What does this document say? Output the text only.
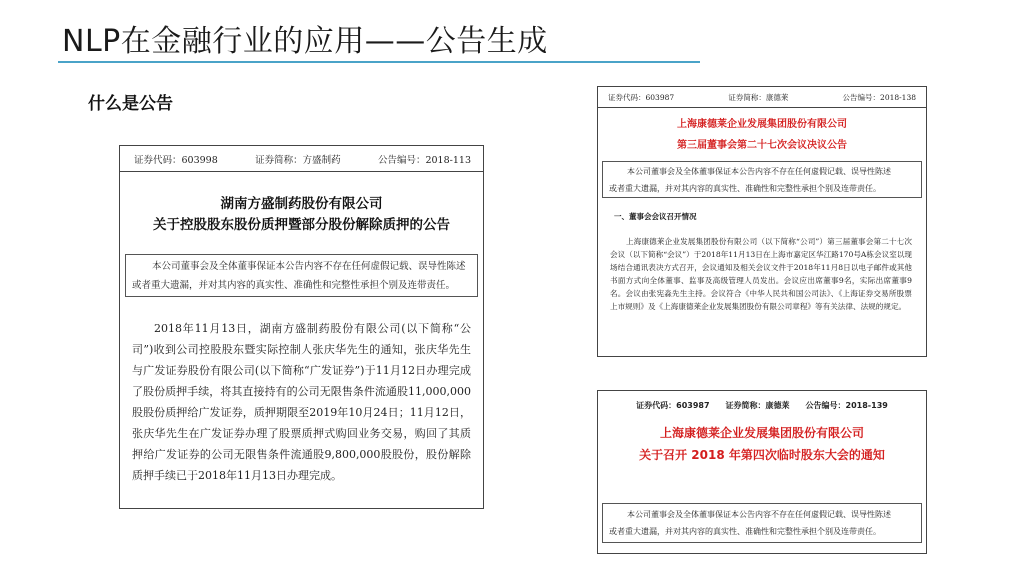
NLP在金融行业的应用——公告生成
什么是公告
证券代码：603998	证券简称：方盛制药	公告编号：2018-113
湖南方盛制药股份有限公司
关于控股股东股份质押暨部分股份解除质押的公告
本公司董事会及全体董事保证本公告内容不存在任何虚假记载、误导性陈述
或者重大遗漏，并对其内容的真实性、准确性和完整性承担个别及连带责任。
2018年11月13日，湖南方盛制药股份有限公司(以下简称“公司”)收到公司控股股东暨实际控制人张庆华先生的通知，张庆华先生与广发证券股份有限公司(以下简称“广发证券”)于11月12日办理完成了股份质押手续，将其直接持有的公司无限售条件流通股11,000,000股股份质押给广发证券，质押期限至2019年10月24日；11月12日，张庆华先生在广发证券办理了股票质押式购回业务交易，购回了其质押给广发证券的公司无限售条件流通股9,800,000股股份，股份解除质押手续已于2018年11月13日办理完成。
证券代码：603987	证券简称：康德莱	公告编号：2018-138
上海康德莱企业发展集团股份有限公司
第三届董事会第二十七次会议决议公告
本公司董事会及全体董事保证本公告内容不存在任何虚假记载、误导性陈述
或者重大遗漏，并对其内容的真实性、准确性和完整性承担个别及连带责任。
一、董事会会议召开情况
上海康德莱企业发展集团股份有限公司（以下简称“公司”）第三届董事会第二十七次会议（以下简称“会议”）于2018年11月13日在上海市嘉定区华江路170号A栋会议室以现场结合通讯表决方式召开，会议通知及相关会议文件于2018年11月8日以电子邮件或其他书面方式向全体董事、监事及高级管理人员发出。会议应出席董事9名，实际出席董事9名。会议由张宪淼先生主持。会议符合《中华人民共和国公司法》、《上海证券交易所股票上市规则》及《上海康德莱企业发展集团股份有限公司章程》等有关法律、法规的规定。
证券代码：603987 证券简称：康德莱 公告编号：2018-139
上海康德莱企业发展集团股份有限公司
关于召开 2018 年第四次临时股东大会的通知
本公司董事会及全体董事保证本公告内容不存在任何虚假记载、误导性陈述
或者重大遗漏，并对其内容的真实性、准确性和完整性承担个别及连带责任。
